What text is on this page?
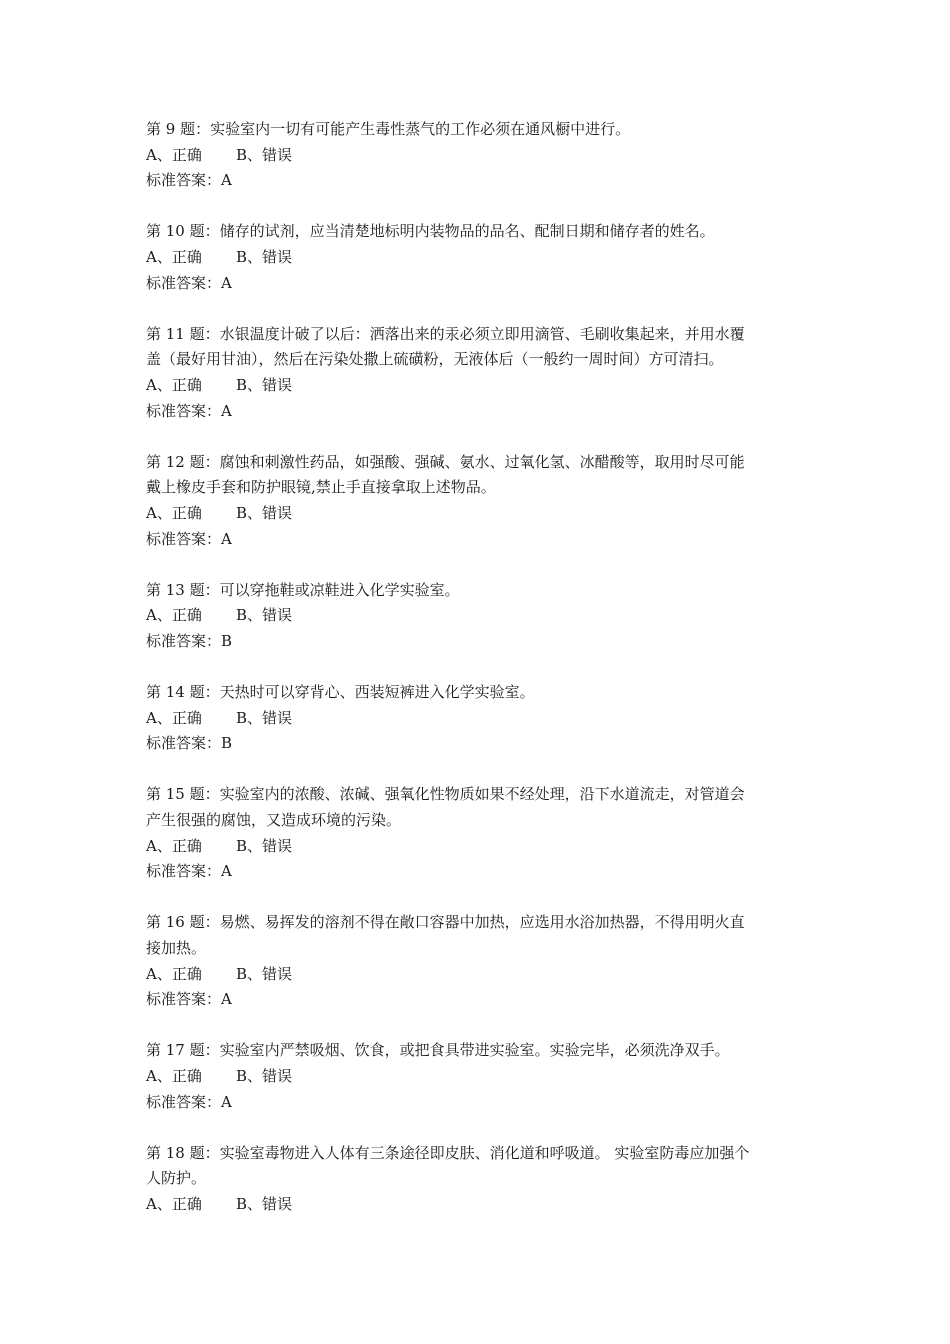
第 9 题：实验室内一切有可能产生毒性蒸气的工作必须在通风橱中进行。
A、正确 B、错误
标准答案：A
第 10 题：储存的试剂，应当清楚地标明内装物品的品名、配制日期和储存者的姓名。
A、正确 B、错误
标准答案：A
第 11 题：水银温度计破了以后：洒落出来的汞必须立即用滴管、毛刷收集起来，并用水覆
盖（最好用甘油），然后在污染处撒上硫磺粉，无液体后（一般约一周时间）方可清扫。
A、正确 B、错误
标准答案：A
第 12 题：腐蚀和刺激性药品，如强酸、强碱、氨水、过氧化氢、冰醋酸等，取用时尽可能
戴上橡皮手套和防护眼镜,禁止手直接拿取上述物品。
A、正确 B、错误
标准答案：A
第 13 题：可以穿拖鞋或凉鞋进入化学实验室。
A、正确 B、错误
标准答案：B
第 14 题：天热时可以穿背心、西装短裤进入化学实验室。
A、正确 B、错误
标准答案：B
第 15 题：实验室内的浓酸、浓碱、强氧化性物质如果不经处理，沿下水道流走，对管道会
产生很强的腐蚀，又造成环境的污染。
A、正确 B、错误
标准答案：A
第 16 题：易燃、易挥发的溶剂不得在敞口容器中加热，应选用水浴加热器，不得用明火直
接加热。
A、正确 B、错误
标准答案：A
第 17 题：实验室内严禁吸烟、饮食，或把食具带进实验室。实验完毕，必须洗净双手。
A、正确 B、错误
标准答案：A
第 18 题：实验室毒物进入人体有三条途径即皮肤、消化道和呼吸道。 实验室防毒应加强个
人防护。
A、正确 B、错误
